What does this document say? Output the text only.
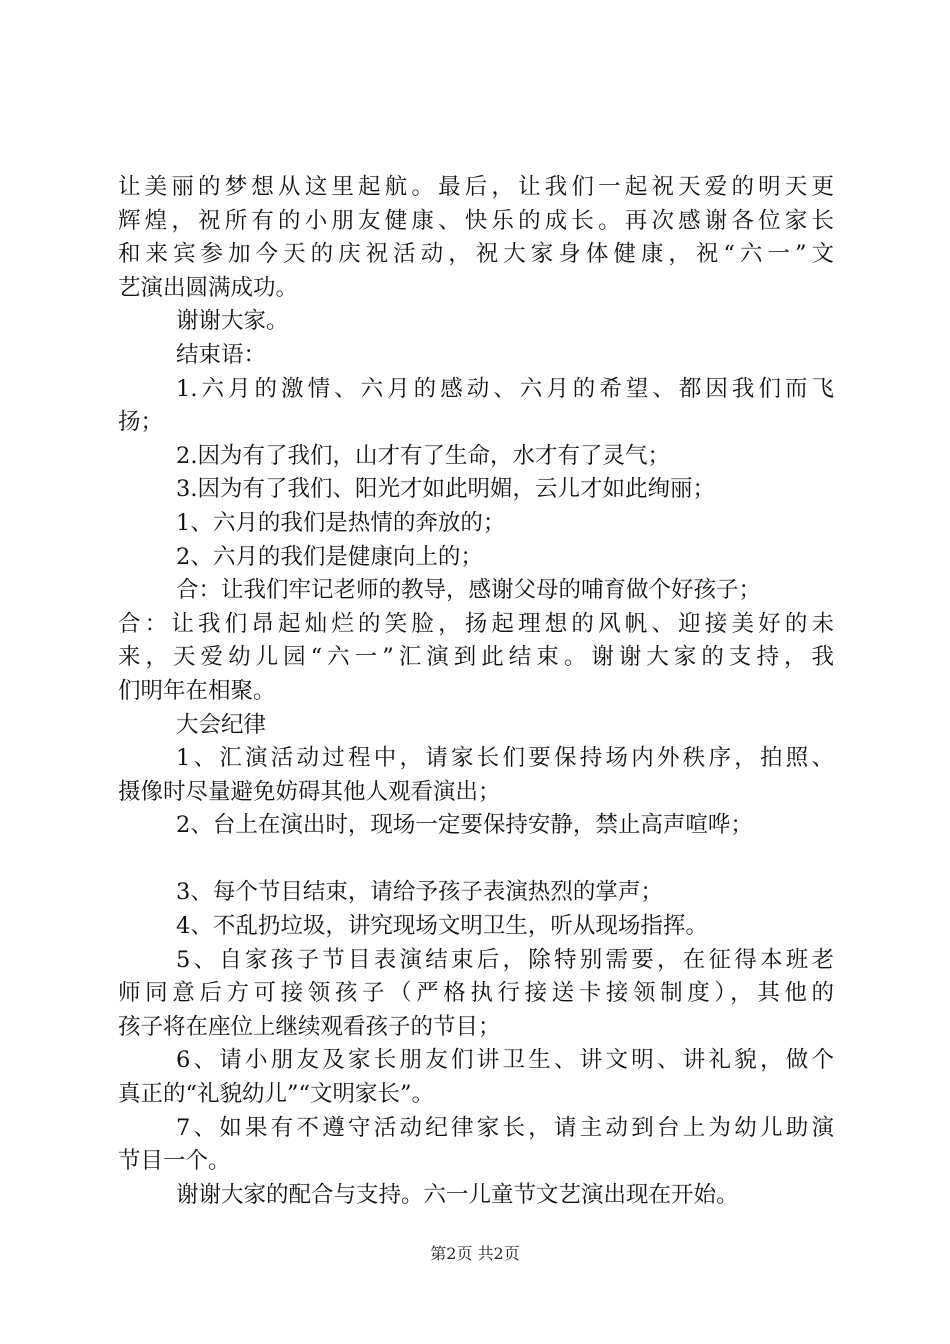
让美丽的梦想从这里起航。最后，让我们一起祝天爱的明天更
辉煌，祝所有的小朋友健康、快乐的成长。再次感谢各位家长
和来宾参加今天的庆祝活动，祝大家身体健康，祝“六一”文
艺演出圆满成功。
谢谢大家。
结束语：
1.六月的激情、六月的感动、六月的希望、都因我们而飞
扬；
2.因为有了我们，山才有了生命，水才有了灵气；
3.因为有了我们、阳光才如此明媚，云儿才如此绚丽；
1、六月的我们是热情的奔放的；
2、六月的我们是健康向上的；
合：让我们牢记老师的教导，感谢父母的哺育做个好孩子；
合：让我们昂起灿烂的笑脸，扬起理想的风帆、迎接美好的未
来，天爱幼儿园“六一”汇演到此结束。谢谢大家的支持，我
们明年在相聚。
大会纪律
1、汇演活动过程中，请家长们要保持场内外秩序，拍照、
摄像时尽量避免妨碍其他人观看演出；
2、台上在演出时，现场一定要保持安静，禁止高声喧哗；
3、每个节目结束，请给予孩子表演热烈的掌声；
4、不乱扔垃圾，讲究现场文明卫生，听从现场指挥。
5、自家孩子节目表演结束后，除特别需要，在征得本班老
师同意后方可接领孩子（严格执行接送卡接领制度），其他的
孩子将在座位上继续观看孩子的节目；
6、请小朋友及家长朋友们讲卫生、讲文明、讲礼貌，做个
真正的“礼貌幼儿”“文明家长”。
7、如果有不遵守活动纪律家长，请主动到台上为幼儿助演
节目一个。
谢谢大家的配合与支持。六一儿童节文艺演出现在开始。
第2页 共2页
